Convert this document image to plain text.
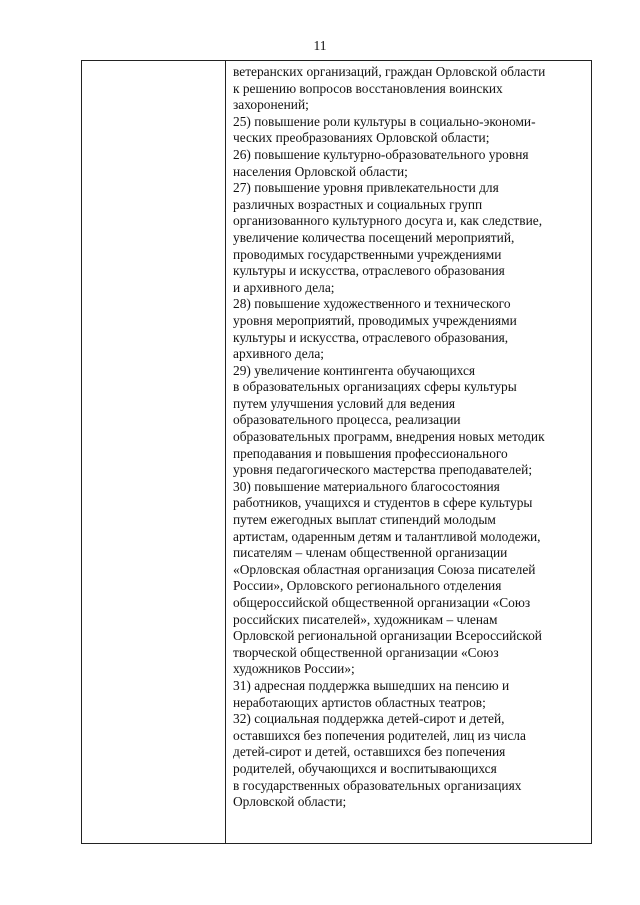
11
ветеранских организаций, граждан Орловской области
к решению вопросов восстановления воинских
захоронений;
25) повышение роли культуры в социально-экономи-
ческих преобразованиях Орловской области;
26) повышение культурно-образовательного уровня
населения Орловской области;
27) повышение уровня привлекательности для
различных возрастных и социальных групп
организованного культурного досуга и, как следствие,
увеличение количества посещений мероприятий,
проводимых государственными учреждениями
культуры и искусства, отраслевого образования
и архивного дела;
28) повышение художественного и технического
уровня мероприятий, проводимых учреждениями
культуры и искусства, отраслевого образования,
архивного дела;
29) увеличение контингента обучающихся
в образовательных организациях сферы культуры
путем улучшения условий для ведения
образовательного процесса, реализации
образовательных программ, внедрения новых методик
преподавания и повышения профессионального
уровня педагогического мастерства преподавателей;
30) повышение материального благосостояния
работников, учащихся и студентов в сфере культуры
путем ежегодных выплат стипендий молодым
артистам, одаренным детям и талантливой молодежи,
писателям – членам общественной организации
«Орловская областная организация Союза писателей
России», Орловского регионального отделения
общероссийской общественной организации «Союз
российских писателей», художникам – членам
Орловской региональной организации Всероссийской
творческой общественной организации «Союз
художников России»;
31) адресная поддержка вышедших на пенсию и
неработающих артистов областных театров;
32) социальная поддержка детей-сирот и детей,
оставшихся без попечения родителей, лиц из числа
детей-сирот и детей, оставшихся без попечения
родителей, обучающихся и воспитывающихся
в государственных образовательных организациях
Орловской области;
